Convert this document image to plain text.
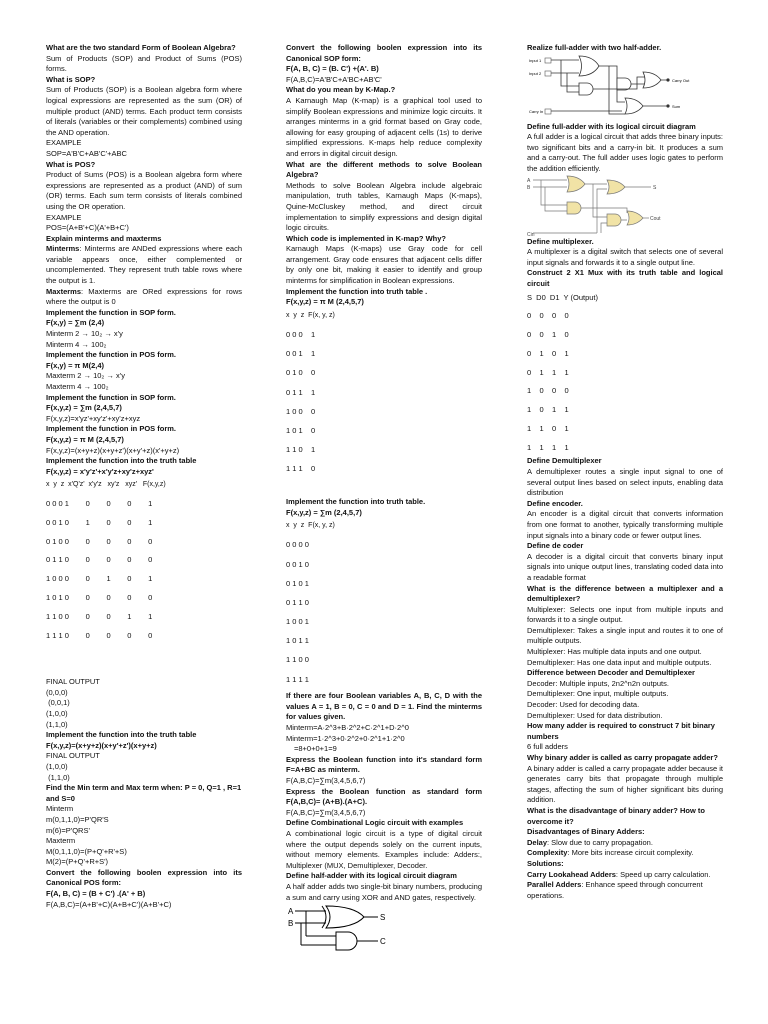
What are the two standard Form of Boolean Algebra?
Sum of Products (SOP) and Product of Sums (POS) forms.
What is SOP?
Sum of Products (SOP) is a Boolean algebra form where logical expressions are represented as the sum (OR) of multiple product (AND) terms. Each product term consists of literals (variables or their complements) combined using the AND operation.
EXAMPLE
SOP=A'B'C+AB'C'+ABC
What is POS?
Product of Sums (POS) is a Boolean algebra form where expressions are represented as a product (AND) of sum (OR) terms. Each sum term consists of literals combined using the OR operation.
EXAMPLE
POS=(A+B'+C)(A'+B+C')
Explain minterms and maxterms
Minterms: Minterms are ANDed expressions where each variable appears once, either complemented or uncomplemented. They represent truth table rows where the output is 1.
Maxterms: Maxterms are ORed expressions for rows where the output is 0
Implement the function in SOP form.
F(x,y) = ∑m (2,4)
Minterm 2 → 10₂ → x'y
Minterm 4 → 100₂
Implement the function in POS form.
F(x,y) = π M(2,4)
Maxterm 2 → 10₂ → x'y
Maxterm 4 → 100₂
Implement the function in SOP form.
F(x,y,z) = ∑m (2,4,5,7)
F(x,y,z)=x'yz'+xy'z'+xy'z+xyz
Implement the function in POS form.
F(x,y,z) = π M (2,4,5,7)
F(x,y,z)=(x+y+z)(x+y+z')(x+y'+z)(x'+y+z)
Implement the function into the truth table
F(x,y,z) = x'y'z'+x'y'z+xy'z+xyz'
x  y  z  x'Q'z'  x'y'z   xy'z   xyz'   F(x,y,z)
0 0 0 1        0        0        0        1
0 0 1 0        1        0        0        1
0 1 0 0        0        0        0        0
0 1 1 0        0        0        0        0
1 0 0 0        0        1        0        1
1 0 1 0        0        0        0        0
1 1 0 0        0        0        1        1
1 1 1 0        0        0        0        0
FINAL OUTPUT
(0,0,0)
(0,0,1)
(1,0,0)
(1,1,0)
Implement the function into the truth table
F(x,y,z)=(x+y+z)(x+y'+z')(x+y+z)
FINAL OUTPUT
(1,0,0)
(1,1,0)
Find the Min term and Max term when: P = 0, Q=1 , R=1 and S=0
Minterm
m(0,1,1,0)=P'QR'S
m(6)=P'QRS'
Maxterm
M(0,1,1,0)=(P+Q'+R'+S)
M(2)=(P+Q'+R+S')
Convert the following boolen expression into its Canonical POS form:
F(A, B, C) = (B + C') .(A' + B)
F(A,B,C)=(A+B'+C)(A+B+C')(A+B'+C)
Convert the following boolen expression into its Canonical SOP form:
F(A, B, C) = (B. C') +(A'. B)
F(A,B,C)=A'B'C+A'BC+AB'C'
What do you mean by K-Map.?
A Karnaugh Map (K-map) is a graphical tool used to simplify Boolean expressions and minimize logic circuits. It arranges minterms in a grid format based on Gray code, allowing for easy grouping of adjacent cells (1s) to derive simplified expressions. K-maps help reduce complexity and errors in digital circuit design.
What are the different methods to solve Boolean Algebra?
Methods to solve Boolean Algebra include algebraic manipulation, truth tables, Karnaugh Maps (K-maps), Quine-McCluskey method, and direct circuit implementation to simplify expressions and design digital logic circuits.
Which code is implemented in K-map? Why?
Karnaugh Maps (K-maps) use Gray code for cell arrangement. Gray code ensures that adjacent cells differ by only one bit, making it easier to identify and group minterms for simplification in Boolean expressions.
Implement the function into truth table .
F(x,y,z) = π M (2,4,5,7)
x  y  z  F(x, y, z)
0 0 0    1
0 0 1    1
0 1 0    0
0 1 1    1
1 0 0    0
1 0 1    0
1 1 0    1
1 1 1    0
Implement the function into truth table.
F(x,y,z) = ∑m (2,4,5,7)
x  y  z  F(x, y, z)
0 0 0 0
0 0 1 0
0 1 0 1
0 1 1 0
1 0 0 1
1 0 1 1
1 1 0 0
1 1 1 1
If there are four Boolean variables A, B, C, D with the values A = 1, B = 0, C = 0 and D = 1. Find the minterms for values given.
Minterm=A·2^3+B·2^2+C·2^1+D·2^0
Minterm=1·2^3+0·2^2+0·2^1+1·2^0
=8+0+0+1=9
Express the Boolean function into it's standard form F=A+BC as minterm.
F(A,B,C)=∑m(3,4,5,6,7)
Express the Boolean function as standard form F(A,B,C)= (A+B).(A+C).
F(A,B,C)=∑m(3,4,5,6,7)
Define Combinational Logic circuit with examples
A combinational logic circuit is a type of digital circuit where the output depends solely on the current inputs, without memory elements. Examples include: Adders:, Multiplexer (MUX, Demultiplexer, Decoder.
Define half-adder with its logical circuit diagram
A half adder adds two single-bit binary numbers, producing a sum and carry using XOR and AND gates, respectively.
A
B
S
C
Realize full-adder with two half-adder.
Input 1
Input 2
Carry In
Carry Out
Sum
Define full-adder with its logical circuit diagram
A full adder is a logical circuit that adds three binary inputs: two significant bits and a carry-in bit. It produces a sum and a carry-out. The full adder uses logic gates to perform the addition efficiently.
A
B
Cin
S
Cout
Define multiplexer.
A multiplexer is a digital switch that selects one of several input signals and forwards it to a single output line.
Construct 2 X1 Mux with its truth table and logical circuit
S  D0  D1  Y (Output)
0    0    0    0
0    0    1    0
0    1    0    1
0    1    1    1
1    0    0    0
1    0    1    1
1    1    0    1
1    1    1    1
Define Demultiplexer
A demultiplexer routes a single input signal to one of several output lines based on select inputs, enabling data distribution
Define encoder.
An encoder is a digital circuit that converts information from one format to another, typically transforming multiple input signals into a binary code or fewer output lines.
Define de coder
A decoder is a digital circuit that converts binary input signals into unique output lines, translating coded data into a readable format
What is the difference between a multiplexer and a demultiplexer?
Multiplexer: Selects one input from multiple inputs and forwards it to a single output.
Demultiplexer: Takes a single input and routes it to one of multiple outputs.
Multiplexer: Has multiple data inputs and one output.
Demultiplexer: Has one data input and multiple outputs.
Difference between Decoder and Demultiplexer
Decoder: Multiple inputs, 2n2^n2n outputs.
Demultiplexer: One input, multiple outputs.
Decoder: Used for decoding data.
Demultiplexer: Used for data distribution.
How many adder is required to construct 7 bit binary numbers
6 full adders
Why binary adder is called as carry propagate adder?
A binary adder is called a carry propagate adder because it generates carry bits that propagate through multiple stages, affecting the sum of higher significant bits during addition.
What is the disadvantage of binary adder? How to overcome it?
Disadvantages of Binary Adders:
Delay: Slow due to carry propagation.
Complexity: More bits increase circuit complexity.
Solutions:
Carry Lookahead Adders: Speed up carry calculation.
Parallel Adders: Enhance speed through concurrent operations.
